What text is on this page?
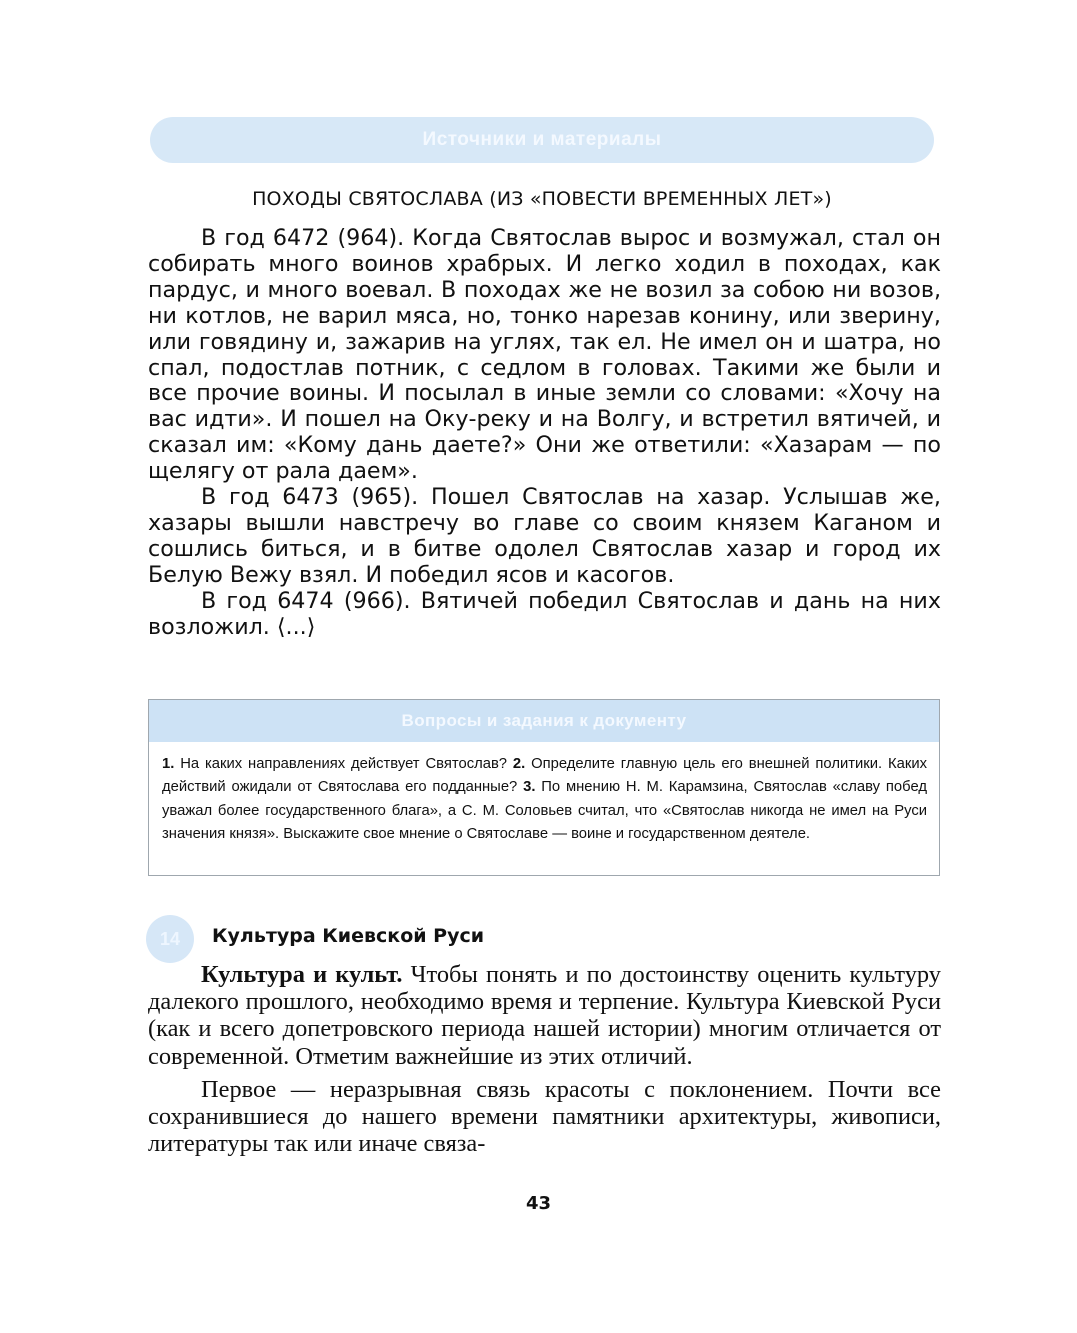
Источники и материалы
ПОХОДЫ СВЯТОСЛАВА (ИЗ «ПОВЕСТИ ВРЕМЕННЫХ ЛЕТ»)

В год 6472 (964). Когда Святослав вырос и возмужал, стал он собирать много воинов храбрых. И легко ходил в походах, как пардус, и много воевал. В походах же не возил за собою ни возов, ни котлов, не варил мяса, но, тонко нарезав конину, или зверину, или говядину и, зажарив на углях, так ел. Не имел он и шатра, но спал, подостлав потник, с седлом в головах. Такими же были и все прочие воины. И посылал в иные земли со словами: «Хочу на вас идти». И пошел на Оку-реку и на Волгу, и встретил вятичей, и сказал им: «Кому дань даете?» Они же ответили: «Хазарам — по щелягу от рала даем».

В год 6473 (965). Пошел Святослав на хазар. Услышав же, хазары вышли навстречу во главе со своим князем Каганом и сошлись биться, и в битве одолел Святослав хазар и город их Белую Вежу взял. И победил ясов и касогов.

В год 6474 (966). Вятичей победил Святослав и дань на них возложил. ⟨...⟩

Вопросы и задания к документу
1. На каких направлениях действует Святослав? 2. Определите главную цель его внешней политики. Каких действий ожидали от Святослава его подданные? 3. По мнению Н. М. Карамзина, Святослав «славу побед уважал более государственного блага», а С. М. Соловьев считал, что «Святослав никогда не имел на Руси значения князя». Выскажите свое мнение о Святославе — воине и государственном деятеле.
14 Культура Киевской Руси

Культура и культ. Чтобы понять и по достоинству оценить культуру далекого прошлого, необходимо время и терпение. Культура Киевской Руси (как и всего допетровского периода нашей истории) многим отличается от современной. Отметим важнейшие из этих отличий.

Первое — неразрывная связь красоты с поклонением. Почти все сохранившиеся до нашего времени памятники архитектуры, живописи, литературы так или иначе связа-

43
